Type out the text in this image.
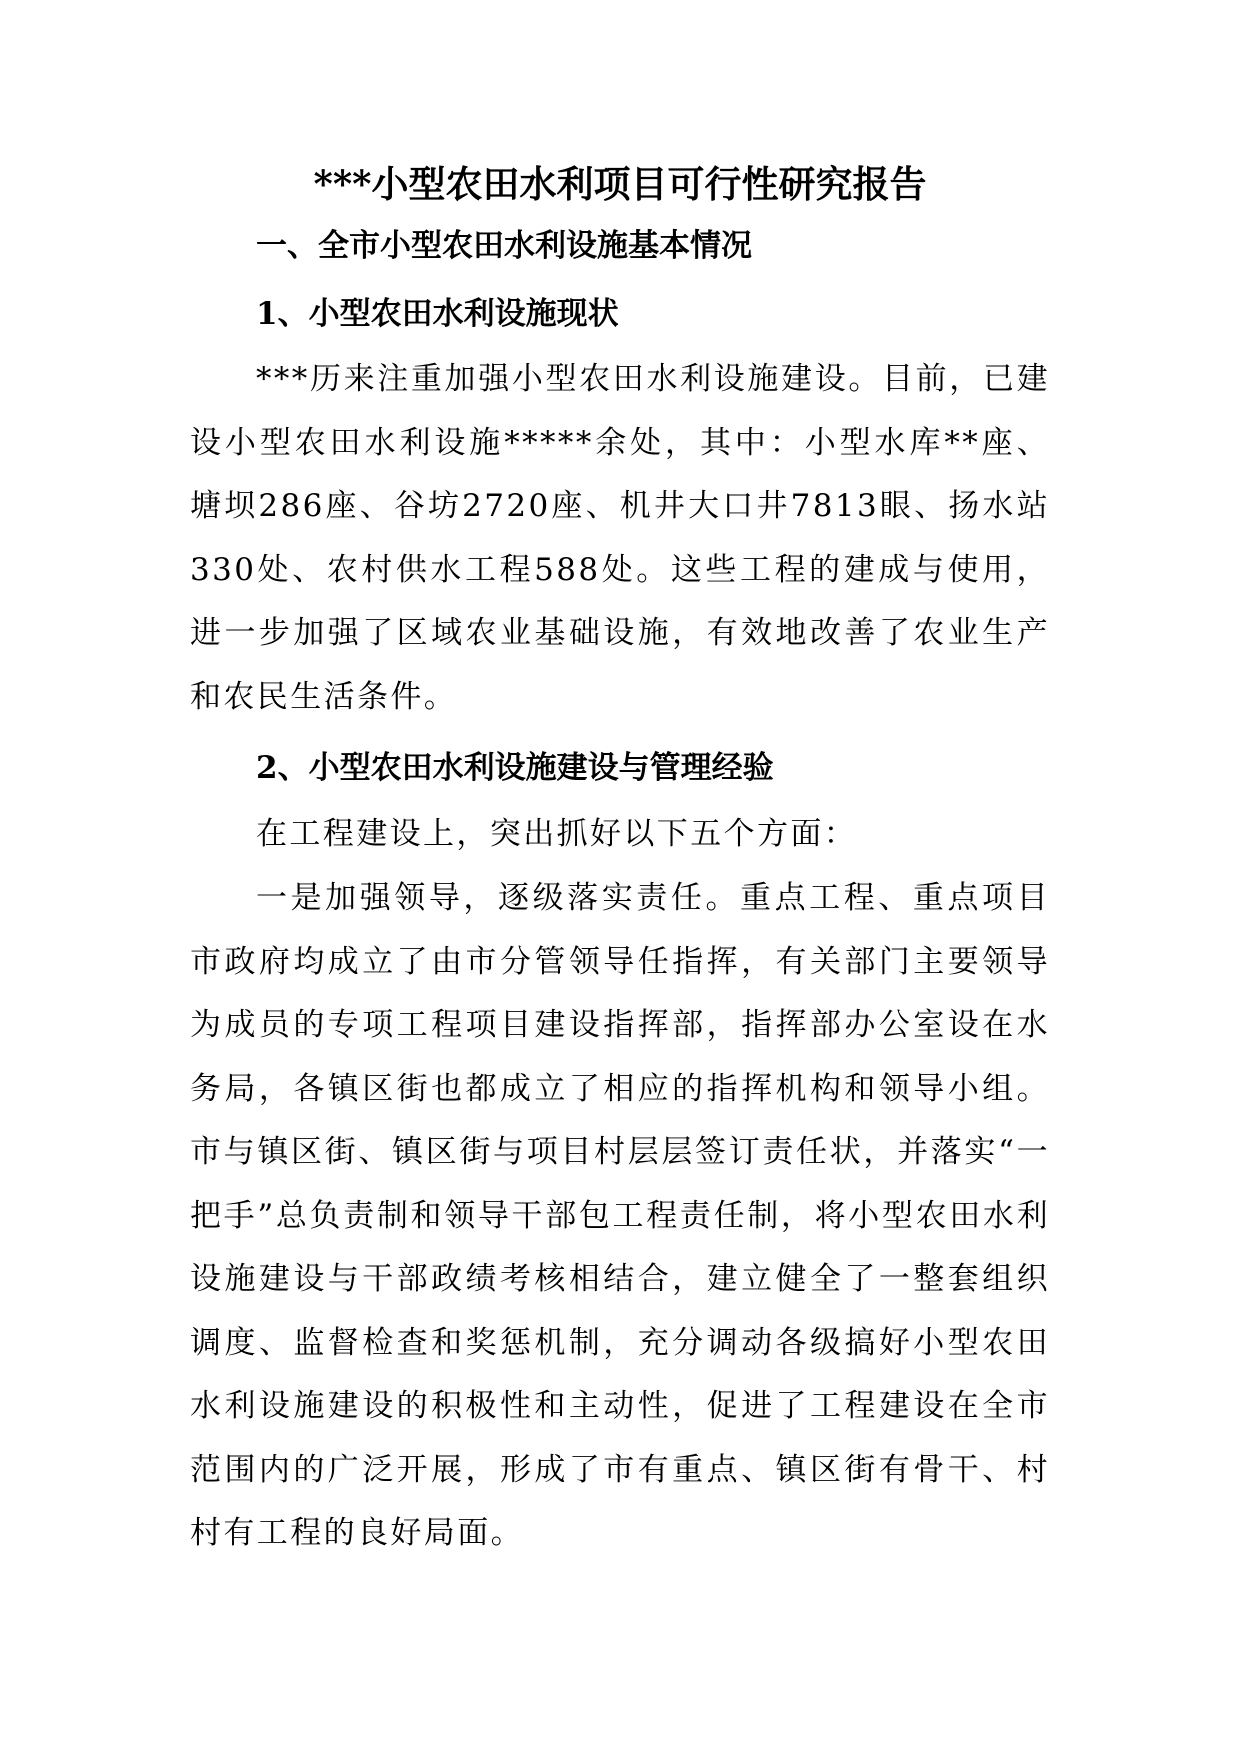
***小型农田水利项目可行性研究报告
一、全市小型农田水利设施基本情况
1、小型农田水利设施现状

***历来注重加强小型农田水利设施建设。目前，已建设小型农田水利设施*****余处，其中：小型水库**座、塘坝286座、谷坊2720座、机井大口井7813眼、扬水站330处、农村供水工程588处。这些工程的建成与使用，进一步加强了区域农业基础设施，有效地改善了农业生产和农民生活条件。

2、小型农田水利设施建设与管理经验

在工程建设上，突出抓好以下五个方面：

一是加强领导，逐级落实责任。重点工程、重点项目市政府均成立了由市分管领导任指挥，有关部门主要领导为成员的专项工程项目建设指挥部，指挥部办公室设在水务局，各镇区街也都成立了相应的指挥机构和领导小组。市与镇区街、镇区街与项目村层层签订责任状，并落实“一把手”总负责制和领导干部包工程责任制，将小型农田水利设施建设与干部政绩考核相结合，建立健全了一整套组织调度、监督检查和奖惩机制，充分调动各级搞好小型农田水利设施建设的积极性和主动性，促进了工程建设在全市范围内的广泛开展，形成了市有重点、镇区街有骨干、村村有工程的良好局面。
